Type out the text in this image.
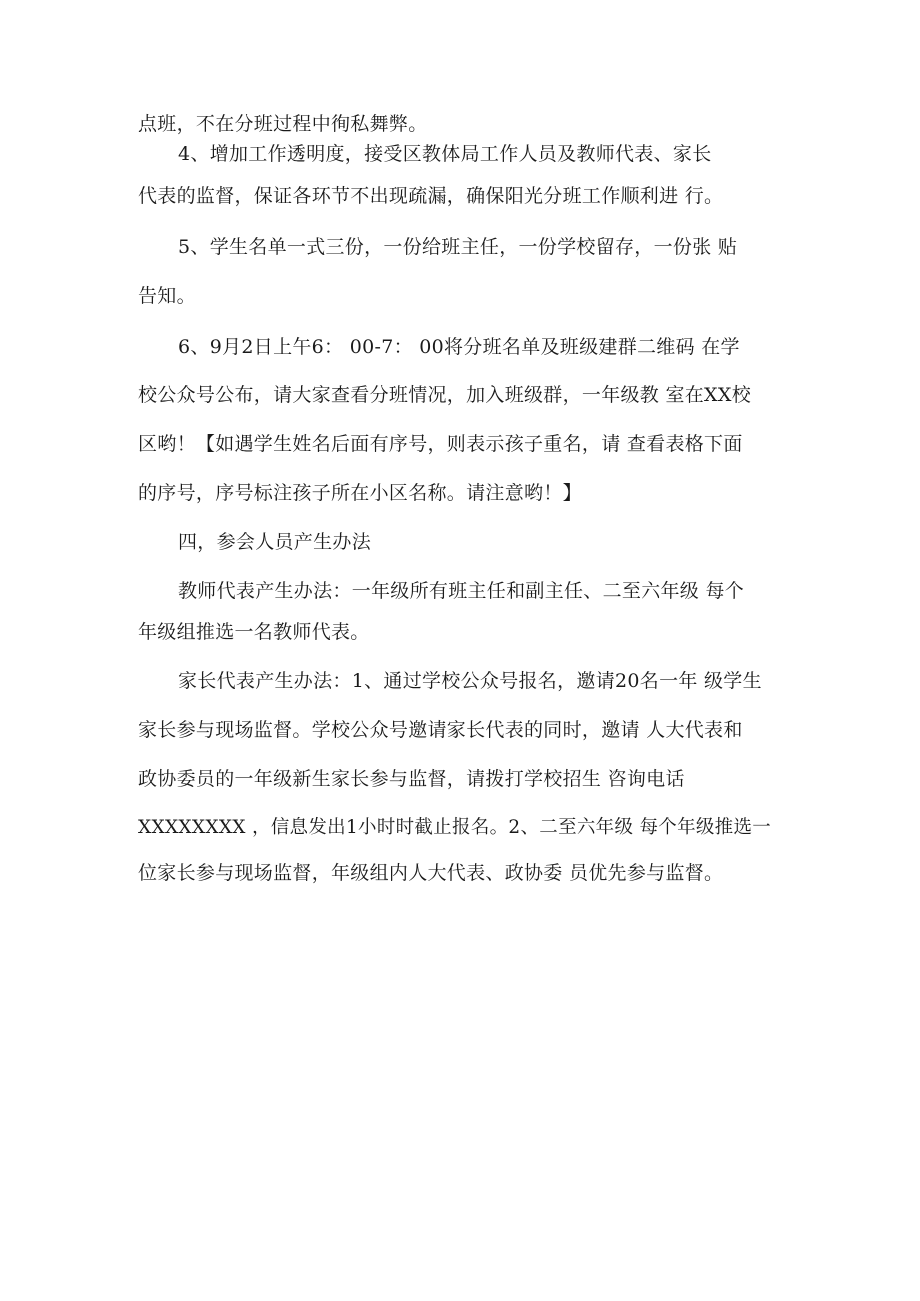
点班，不在分班过程中徇私舞弊。
4、增加工作透明度，接受区教体局工作人员及教师代表、家长
代表的监督，保证各环节不出现疏漏，确保阳光分班工作顺利进 行。
5、学生名单一式三份，一份给班主任，一份学校留存，一份张 贴
告知。
6、9月2日上午6： 00-7： 00将分班名单及班级建群二维码 在学
校公众号公布，请大家查看分班情况，加入班级群，一年级教 室在XX校
区哟！【如遇学生姓名后面有序号，则表示孩子重名，请 查看表格下面
的序号，序号标注孩子所在小区名称。请注意哟！】
四，参会人员产生办法
教师代表产生办法：一年级所有班主任和副主任、二至六年级 每个
年级组推选一名教师代表。
家长代表产生办法：1、通过学校公众号报名，邀请20名一年 级学生
家长参与现场监督。学校公众号邀请家长代表的同时，邀请 人大代表和
政协委员的一年级新生家长参与监督，请拨打学校招生 咨询电话
XXXXXXXX ，信息发出1小时时截止报名。2、二至六年级 每个年级推选一
位家长参与现场监督，年级组内人大代表、政协委 员优先参与监督。
